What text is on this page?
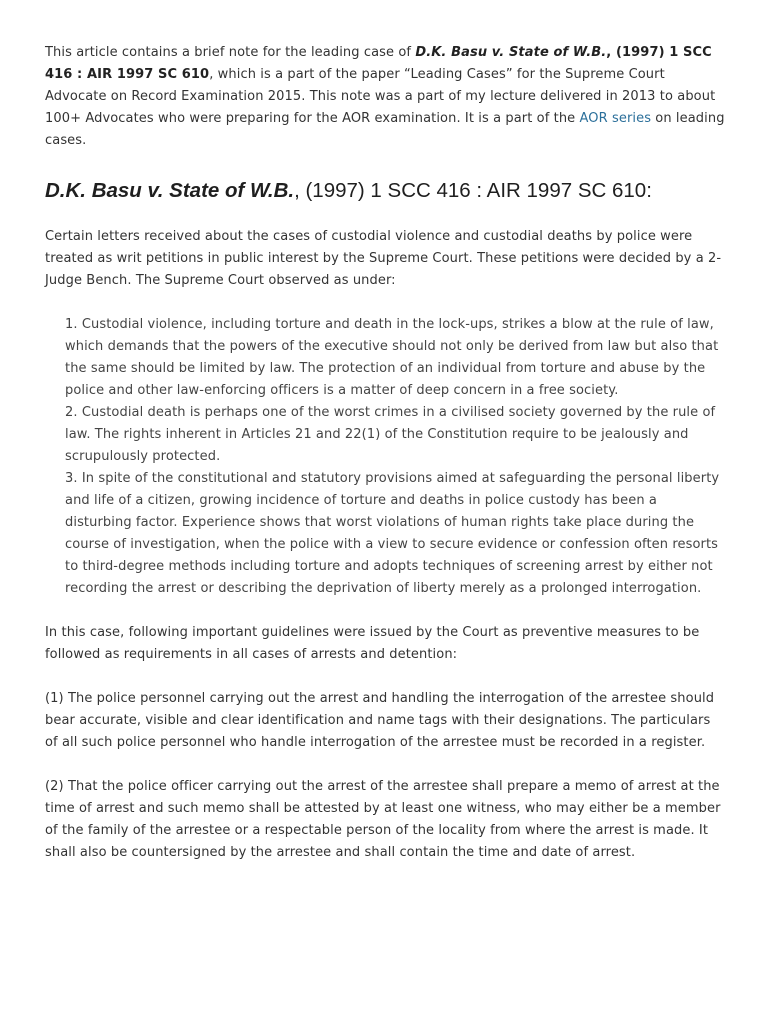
This article contains a brief note for the leading case of D.K. Basu v. State of W.B., (1997) 1 SCC 416 : AIR 1997 SC 610, which is a part of the paper “Leading Cases” for the Supreme Court Advocate on Record Examination 2015. This note was a part of my lecture delivered in 2013 to about 100+ Advocates who were preparing for the AOR examination. It is a part of the AOR series on leading cases.

D.K. Basu v. State of W.B., (1997) 1 SCC 416 : AIR 1997 SC 610:

Certain letters received about the cases of custodial violence and custodial deaths by police were treated as writ petitions in public interest by the Supreme Court. These petitions were decided by a 2-Judge Bench. The Supreme Court observed as under:

1. Custodial violence, including torture and death in the lock-ups, strikes a blow at the rule of law, which demands that the powers of the executive should not only be derived from law but also that the same should be limited by law. The protection of an individual from torture and abuse by the police and other law-enforcing officers is a matter of deep concern in a free society.

2. Custodial death is perhaps one of the worst crimes in a civilised society governed by the rule of law. The rights inherent in Articles 21 and 22(1) of the Constitution require to be jealously and scrupulously protected.

3. In spite of the constitutional and statutory provisions aimed at safeguarding the personal liberty and life of a citizen, growing incidence of torture and deaths in police custody has been a disturbing factor. Experience shows that worst violations of human rights take place during the course of investigation, when the police with a view to secure evidence or confession often resorts to third-degree methods including torture and adopts techniques of screening arrest by either not recording the arrest or describing the deprivation of liberty merely as a prolonged interrogation.

In this case, following important guidelines were issued by the Court as preventive measures to be followed as requirements in all cases of arrests and detention:

(1) The police personnel carrying out the arrest and handling the interrogation of the arrestee should bear accurate, visible and clear identification and name tags with their designations. The particulars of all such police personnel who handle interrogation of the arrestee must be recorded in a register.

(2) That the police officer carrying out the arrest of the arrestee shall prepare a memo of arrest at the time of arrest and such memo shall be attested by at least one witness, who may either be a member of the family of the arrestee or a respectable person of the locality from where the arrest is made. It shall also be countersigned by the arrestee and shall contain the time and date of arrest.
